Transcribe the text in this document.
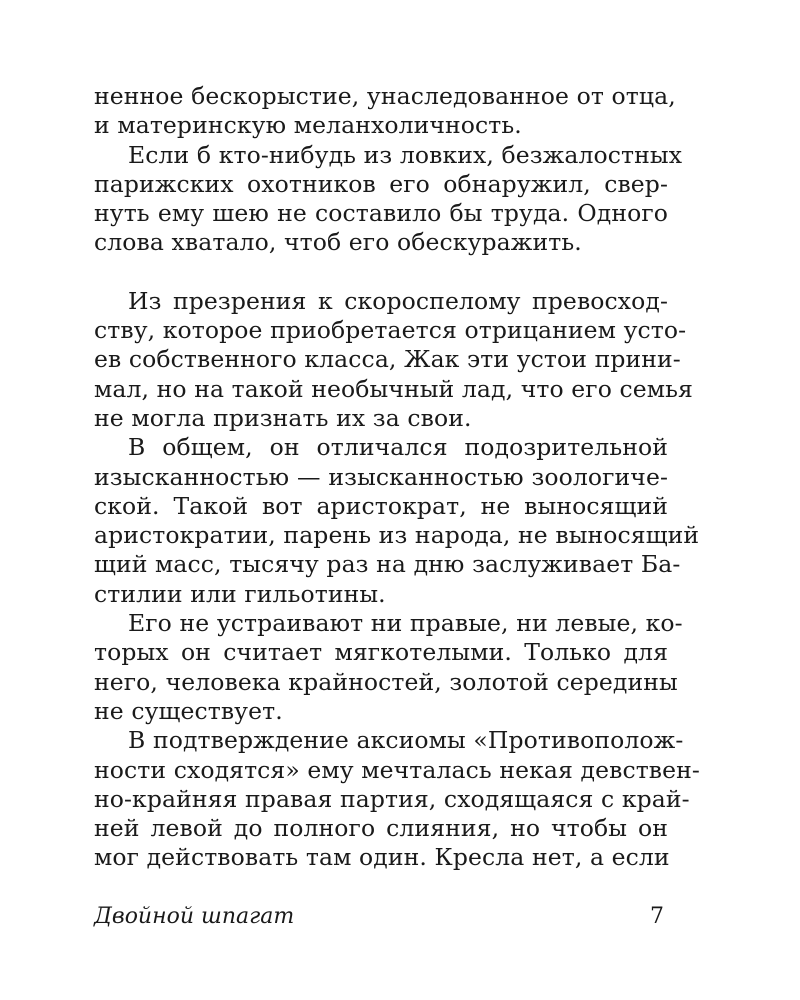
ненное бескорыстие, унаследованное от отца,
и материнскую меланхоличность.
Если б кто-нибудь из ловких, безжалостных
парижских охотников его обнаружил, свер-
нуть ему шею не составило бы труда. Одного
слова хватало, чтоб его обескуражить.
Из презрения к скороспелому превосход-
ству, которое приобретается отрицанием усто-
ев собственного класса, Жак эти устои прини-
мал, но на такой необычный лад, что его семья
не могла признать их за свои.
В общем, он отличался подозрительной
изысканностью — изысканностью зоологиче-
ской. Такой вот аристократ, не выносящий
аристократии, парень из народа, не выносящий
щий масс, тысячу раз на дню заслуживает Ба-
стилии или гильотины.
Его не устраивают ни правые, ни левые, ко-
торых он считает мягкотелыми. Только для
него, человека крайностей, золотой середины
не существует.
В подтверждение аксиомы «Противополож-
ности сходятся» ему мечталась некая девствен-
но-крайняя правая партия, сходящаяся с край-
ней левой до полного слияния, но чтобы он
мог действовать там один. Кресла нет, а если
Двойной шпагат	7
